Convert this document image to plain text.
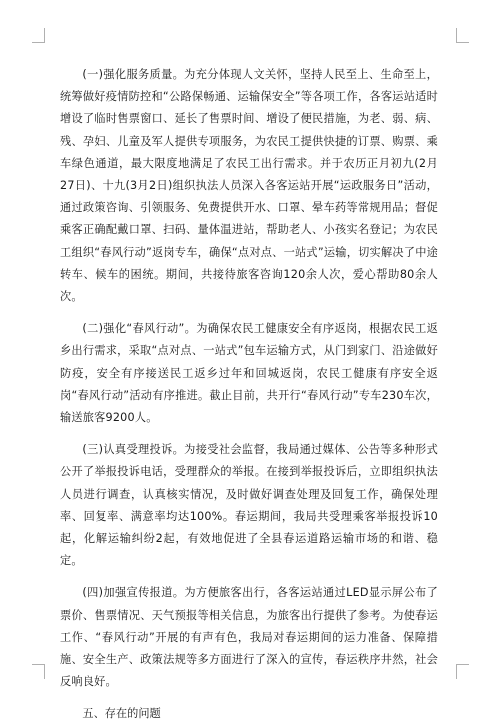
(一)强化服务质量。为充分体现人文关怀，坚持人民至上、生命至上，统筹做好疫情防控和“公路保畅通、运输保安全”等各项工作，各客运站适时增设了临时售票窗口、延长了售票时间、增设了便民措施，为老、弱、病、残、孕妇、儿童及军人提供专项服务，为农民工提供快捷的订票、购票、乘车绿色通道，最大限度地满足了农民工出行需求。并于农历正月初九(2月27日)、十九(3月2日)组织执法人员深入各客运站开展“运政服务日”活动，通过政策咨询、引领服务、免费提供开水、口罩、晕车药等常规用品；督促乘客正确配戴口罩、扫码、量体温进站，帮助老人、小孩实名登记；为农民工组织“春风行动”返岗专车，确保“点对点、一站式”运输，切实解决了中途转车、候车的困统。期间，共接待旅客咨询120余人次，爱心帮助80余人次。

(二)强化“春风行动”。为确保农民工健康安全有序返岗，根据农民工返乡出行需求，采取“点对点、一站式”包车运输方式，从门到家门、沿途做好防疫，安全有序接送民工返乡过年和回城返岗，农民工健康有序安全返岗“春风行动”活动有序推进。截止目前，共开行“春风行动”专车230车次，输送旅客9200人。

(三)认真受理投诉。为接受社会监督，我局通过媒体、公告等多种形式公开了举报投诉电话，受理群众的举报。在接到举报投诉后，立即组织执法人员进行调查，认真核实情况，及时做好调查处理及回复工作，确保处理率、回复率、满意率均达100%。春运期间，我局共受理乘客举报投诉10起，化解运输纠纷2起，有效地促进了全县春运道路运输市场的和谐、稳定。

(四)加强宣传报道。为方便旅客出行，各客运站通过LED显示屏公布了票价、售票情况、天气预报等相关信息，为旅客出行提供了参考。为使春运工作、“春风行动”开展的有声有色，我局对春运期间的运力准备、保障措施、安全生产、政策法规等多方面进行了深入的宣传，春运秩序井然，社会反响良好。

五、存在的问题
